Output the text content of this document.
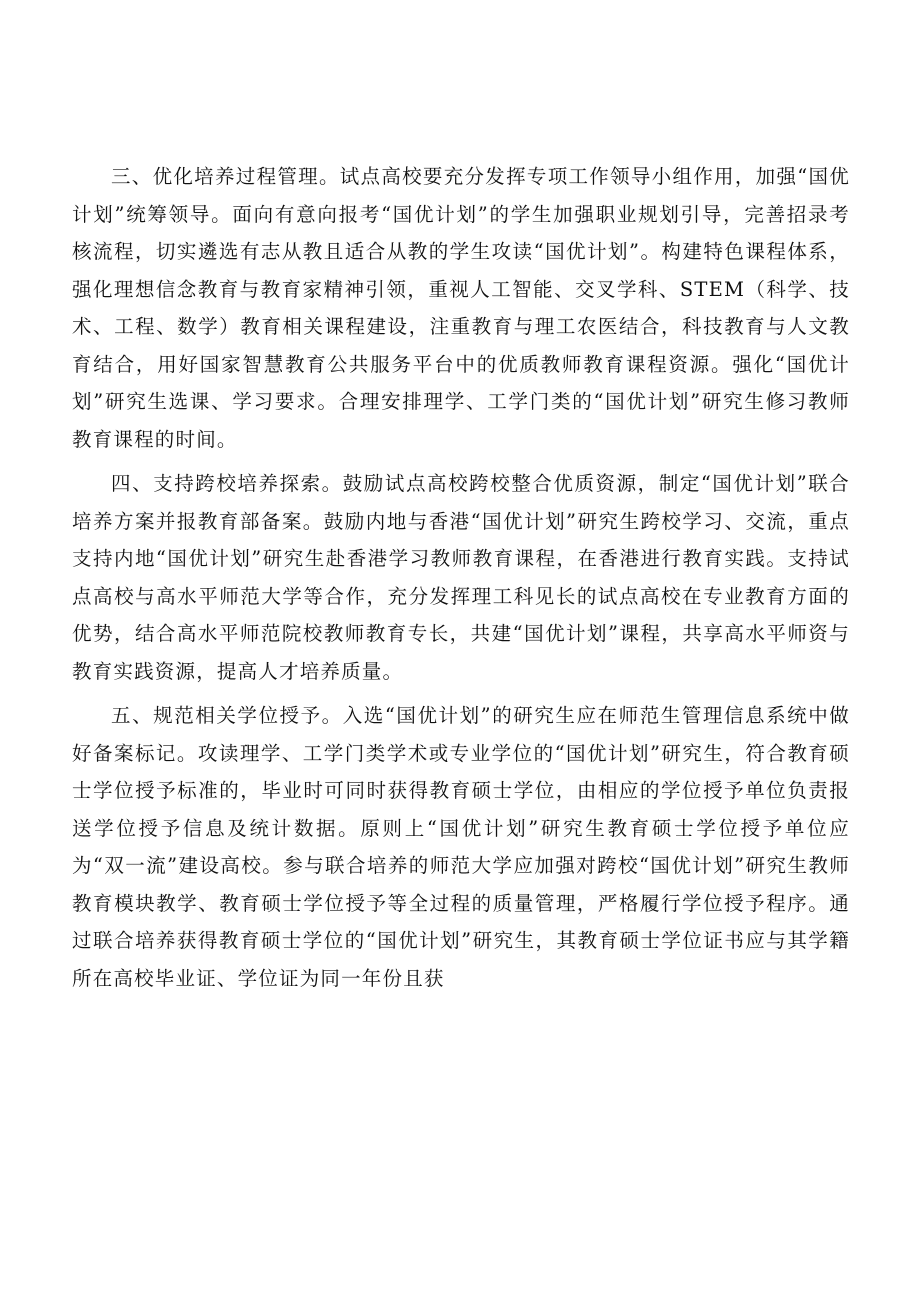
三、优化培养过程管理。试点高校要充分发挥专项工作领导小组作用，加强“国优计划”统筹领导。面向有意向报考“国优计划”的学生加强职业规划引导，完善招录考核流程，切实遴选有志从教且适合从教的学生攻读“国优计划”。构建特色课程体系，强化理想信念教育与教育家精神引领，重视人工智能、交叉学科、STEM（科学、技术、工程、数学）教育相关课程建设，注重教育与理工农医结合，科技教育与人文教育结合，用好国家智慧教育公共服务平台中的优质教师教育课程资源。强化“国优计划”研究生选课、学习要求。合理安排理学、工学门类的“国优计划”研究生修习教师教育课程的时间。

四、支持跨校培养探索。鼓励试点高校跨校整合优质资源，制定“国优计划”联合培养方案并报教育部备案。鼓励内地与香港“国优计划”研究生跨校学习、交流，重点支持内地“国优计划”研究生赴香港学习教师教育课程，在香港进行教育实践。支持试点高校与高水平师范大学等合作，充分发挥理工科见长的试点高校在专业教育方面的优势，结合高水平师范院校教师教育专长，共建“国优计划”课程，共享高水平师资与教育实践资源，提高人才培养质量。

五、规范相关学位授予。入选“国优计划”的研究生应在师范生管理信息系统中做好备案标记。攻读理学、工学门类学术或专业学位的“国优计划”研究生，符合教育硕士学位授予标准的，毕业时可同时获得教育硕士学位，由相应的学位授予单位负责报送学位授予信息及统计数据。原则上“国优计划”研究生教育硕士学位授予单位应为“双一流”建设高校。参与联合培养的师范大学应加强对跨校“国优计划”研究生教师教育模块教学、教育硕士学位授予等全过程的质量管理，严格履行学位授予程序。通过联合培养获得教育硕士学位的“国优计划”研究生，其教育硕士学位证书应与其学籍所在高校毕业证、学位证为同一年份且获
